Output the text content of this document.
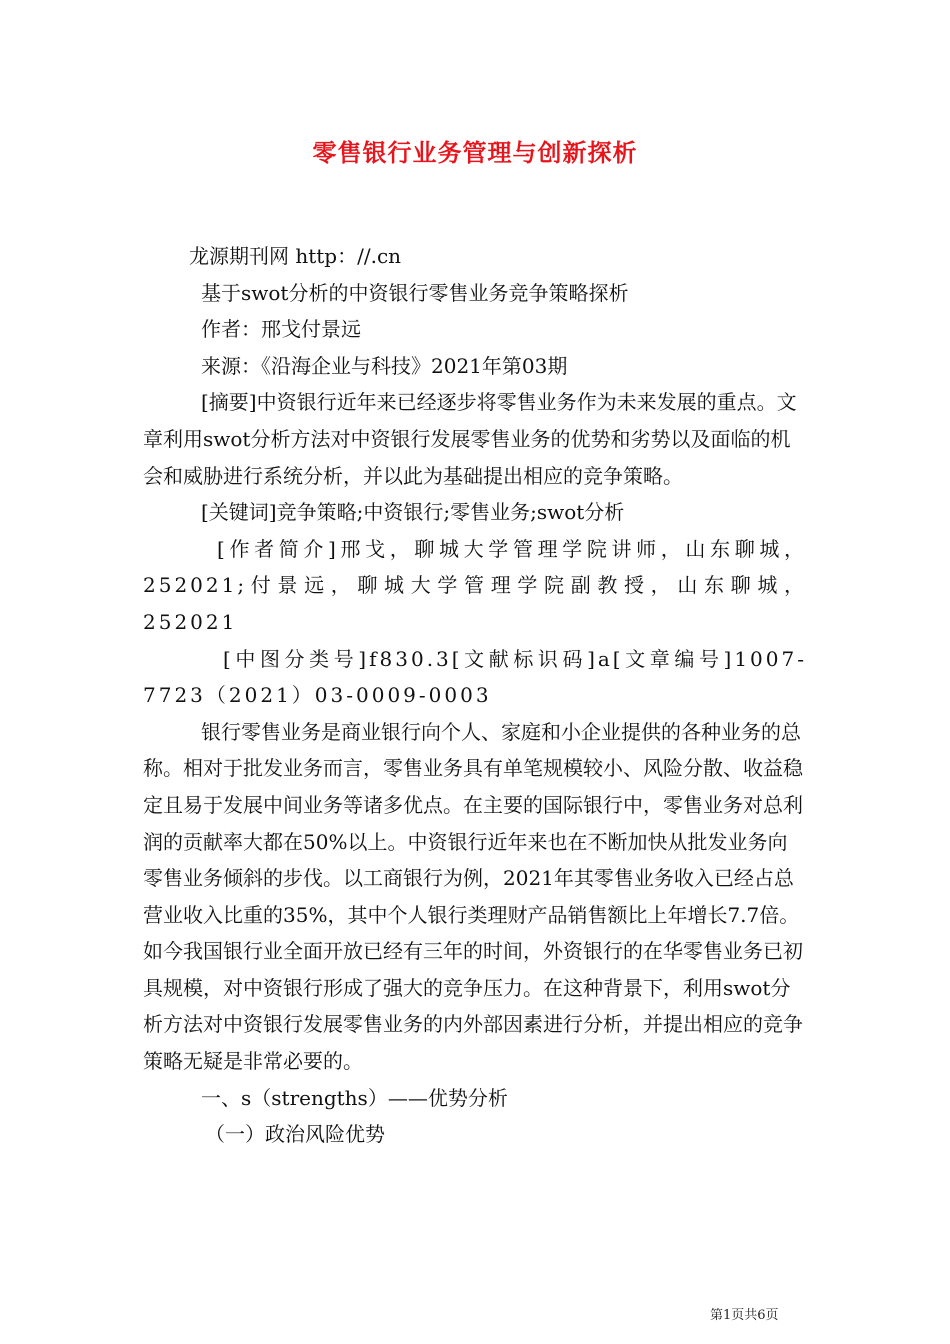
零售银行业务管理与创新探析

龙源期刊网 http：//.cn

基于swot分析的中资银行零售业务竞争策略探析

作者：邢戈付景远

来源：《沿海企业与科技》2021年第03期

[摘要]中资银行近年来已经逐步将零售业务作为未来发展的重点。文章利用swot分析方法对中资银行发展零售业务的优势和劣势以及面临的机会和威胁进行系统分析，并以此为基础提出相应的竞争策略。

[关键词]竞争策略;中资银行;零售业务;swot分析

[作者简介]邢戈，聊城大学管理学院讲师，山东聊城，252021;付景远，聊城大学管理学院副教授，山东聊城，252021

[中图分类号]f830.3[文献标识码]a[文章编号]1007-7723（2021）03-0009-0003

银行零售业务是商业银行向个人、家庭和小企业提供的各种业务的总称。相对于批发业务而言，零售业务具有单笔规模较小、风险分散、收益稳定且易于发展中间业务等诸多优点。在主要的国际银行中，零售业务对总利润的贡献率大都在50%以上。中资银行近年来也在不断加快从批发业务向零售业务倾斜的步伐。以工商银行为例，2021年其零售业务收入已经占总营业收入比重的35%，其中个人银行类理财产品销售额比上年增长7.7倍。如今我国银行业全面开放已经有三年的时间，外资银行的在华零售业务已初具规模，对中资银行形成了强大的竞争压力。在这种背景下，利用swot分析方法对中资银行发展零售业务的内外部因素进行分析，并提出相应的竞争策略无疑是非常必要的。

一、s（strengths）——优势分析

（一）政治风险优势

第1页共6页
